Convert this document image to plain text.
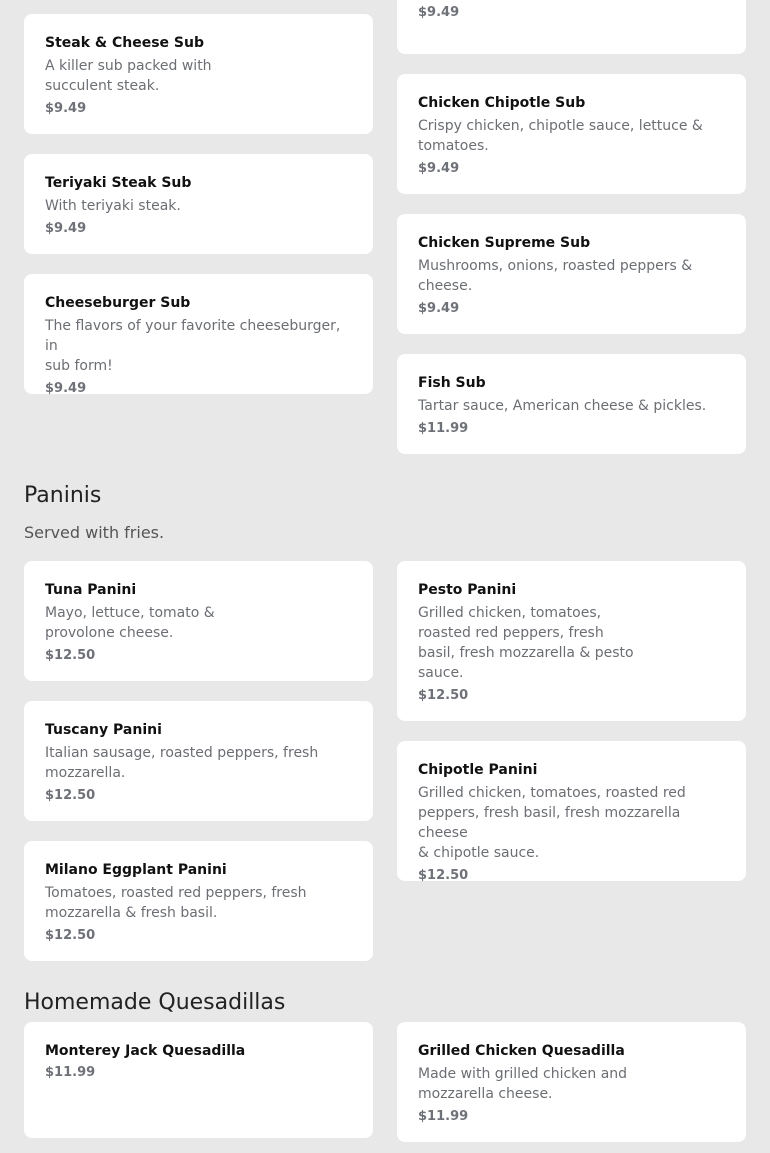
$9.49

Steak & Cheese Sub

A killer sub packed with
succulent steak.

$9.49	Chicken Chipotle Sub

Crispy chicken, chipotle sauce, lettuce &
tomatoes.

$9.49

Teriyaki Steak Sub

With teriyaki steak.

$9.49

Chicken Supreme Sub

Mushrooms, onions, roasted peppers &
cheese.

$9.49

Cheeseburger Sub

The flavors of your favorite cheeseburger, in
sub form!

$9.49	Fish Sub

Tartar sauce, American cheese & pickles.

$11.99

Paninis

Served with fries.

Tuna Panini

Mayo, lettuce, tomato &
provolone cheese.

$12.50

Pesto Panini

Grilled chicken, tomatoes,
roasted red peppers, fresh
basil, fresh mozzarella & pesto
sauce.

$12.50

Tuscany Panini

Italian sausage, roasted peppers, fresh
mozzarella.

$12.50

Chipotle Panini

Grilled chicken, tomatoes, roasted red
peppers, fresh basil, fresh mozzarella cheese
& chipotle sauce.

$12.50

Milano Eggplant Panini

Tomatoes, roasted red peppers, fresh
mozzarella & fresh basil.

$12.50

Homemade Quesadillas

Monterey Jack Quesadilla

$11.99

Grilled Chicken Quesadilla

Made with grilled chicken and
mozzarella cheese.

$11.99
